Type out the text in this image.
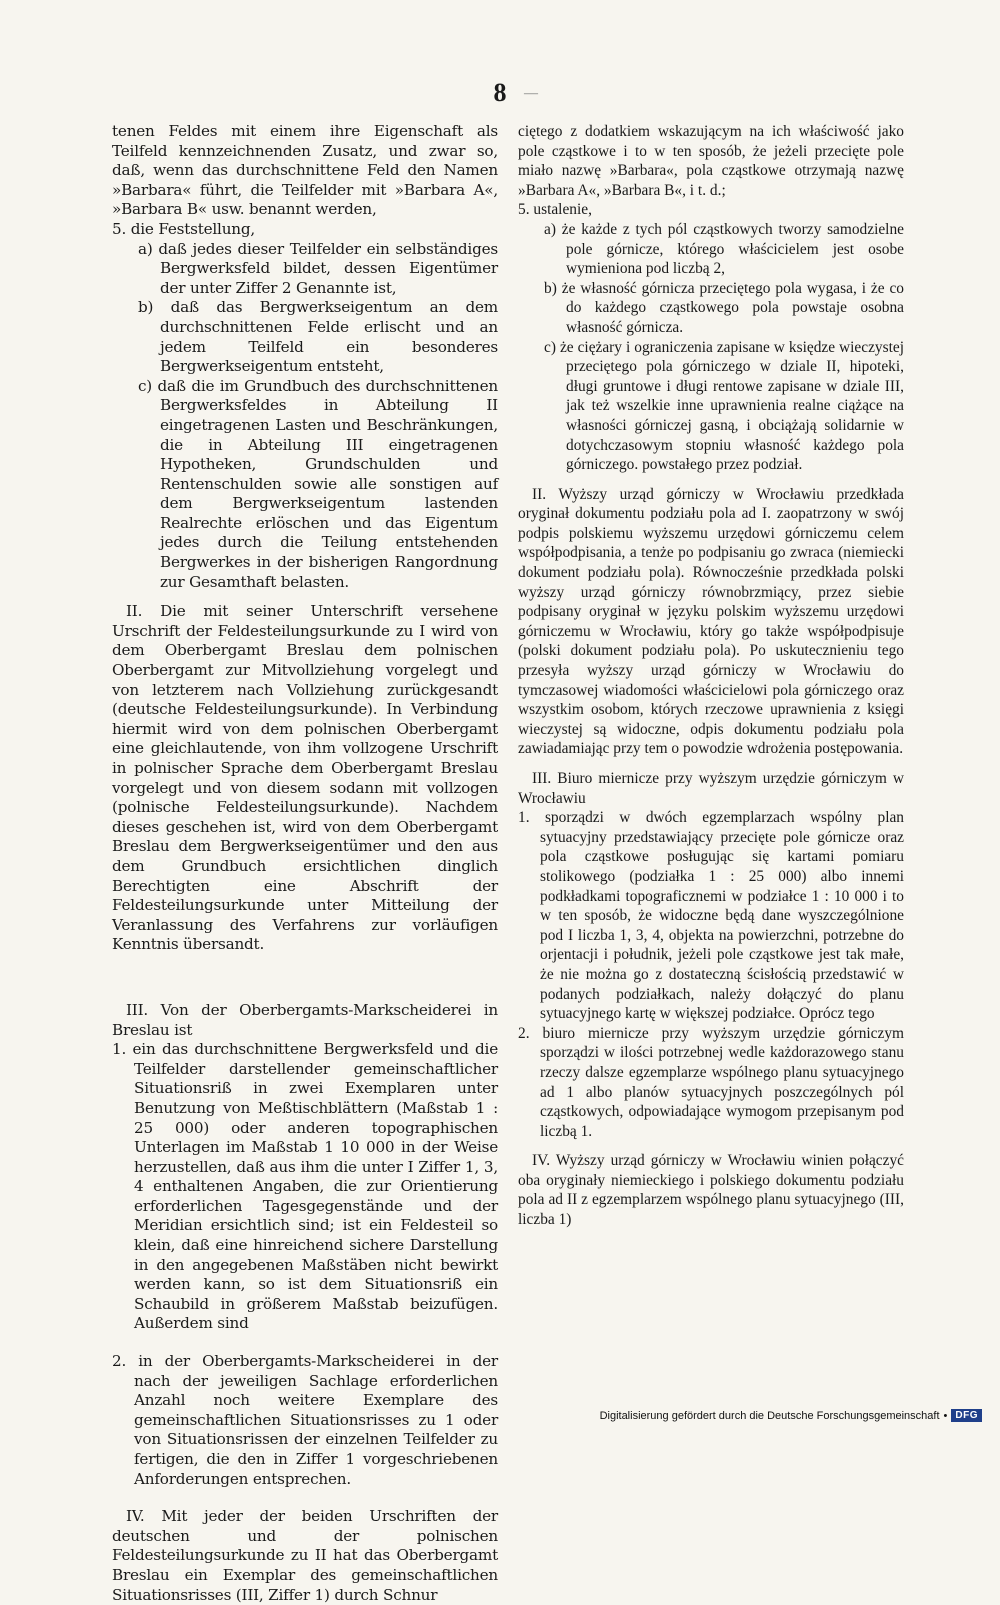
8	—

tenen Feldes mit einem ihre Eigenschaft als Teilfeld kennzeichnenden Zusatz, und zwar so, daß, wenn das durchschnittene Feld den Namen »Barbara« führt, die Teilfelder mit »Barbara A«, »Barbara B« usw. benannt werden,

5. die Feststellung,

a) daß jedes dieser Teilfelder ein selbständiges Bergwerksfeld bildet, dessen Eigentümer der unter Ziffer 2 Genannte ist,

b) daß das Bergwerkseigentum an dem durchschnittenen Felde erlischt und an jedem Teilfeld ein besonderes Bergwerkseigentum entsteht,

c) daß die im Grundbuch des durchschnittenen Bergwerksfeldes in Abteilung II eingetragenen Lasten und Beschränkungen, die in Abteilung III eingetragenen Hypotheken, Grundschulden und Rentenschulden sowie alle sonstigen auf dem Bergwerkseigentum lastenden Realrechte erlöschen und das Eigentum jedes durch die Teilung entstehenden Bergwerkes in der bisherigen Rangordnung zur Gesamthaft belasten.

II. Die mit seiner Unterschrift versehene Urschrift der Feldesteilungsurkunde zu I wird von dem Oberbergamt Breslau dem polnischen Oberbergamt zur Mitvollziehung vorgelegt und von letzterem nach Vollziehung zurückgesandt (deutsche Feldesteilungsurkunde). In Verbindung hiermit wird von dem polnischen Oberbergamt eine gleichlautende, von ihm vollzogene Urschrift in polnischer Sprache dem Oberbergamt Breslau vorgelegt und von diesem sodann mit vollzogen (polnische Feldesteilungsurkunde). Nachdem dieses geschehen ist, wird von dem Oberbergamt Breslau dem Bergwerkseigentümer und den aus dem Grundbuch ersichtlichen dinglich Berechtigten eine Abschrift der Feldesteilungsurkunde unter Mitteilung der Veranlassung des Verfahrens zur vorläufigen Kenntnis übersandt.

III. Von der Oberbergamts-Markscheiderei in Breslau ist

1. ein das durchschnittene Bergwerksfeld und die Teilfelder darstellender gemeinschaftlicher Situationsriß in zwei Exemplaren unter Benutzung von Meßtischblättern (Maßstab 1 : 25 000) oder anderen topographischen Unterlagen im Maßstab 1 10 000 in der Weise herzustellen, daß aus ihm die unter I Ziffer 1, 3, 4 enthaltenen Angaben, die zur Orientierung erforderlichen Tagesgegenstände und der Meridian ersichtlich sind; ist ein Feldesteil so klein, daß eine hinreichend sichere Darstellung in den angegebenen Maßstäben nicht bewirkt werden kann, so ist dem Situationsriß ein Schaubild in größerem Maßstab beizufügen. Außerdem sind

2. in der Oberbergamts-Markscheiderei in der nach der jeweiligen Sachlage erforderlichen Anzahl noch weitere Exemplare des gemeinschaftlichen Situationsrisses zu 1 oder von Situationsrissen der einzelnen Teilfelder zu fertigen, die den in Ziffer 1 vorgeschriebenen Anforderungen entsprechen.

IV. Mit jeder der beiden Urschriften der deutschen und der polnischen Feldesteilungsurkunde zu II hat das Oberbergamt Breslau ein Exemplar des gemeinschaftlichen Situationsrisses (III, Ziffer 1) durch Schnur

ciętego z dodatkiem wskazującym na ich właściwość jako pole cząstkowe i to w ten sposób, że jeżeli przecięte pole miało nazwę »Barbara«, pola cząstkowe otrzymają nazwę »Barbara A«, »Barbara B«, i t. d.;

5. ustalenie,

a) że każde z tych pól cząstkowych tworzy samodzielne pole górnicze, którego właścicielem jest osobe wymieniona pod liczbą 2,

b) że własność górnicza przeciętego pola wygasa, i że co do każdego cząstkowego pola powstaje osobna własność górnicza.

c) że ciężary i ograniczenia zapisane w księdze wieczystej przeciętego pola górniczego w dziale II, hipoteki, długi gruntowe i długi rentowe zapisane w dziale III, jak też wszelkie inne uprawnienia realne ciążące na własności górniczej gasną, i obciążają solidarnie w dotychczasowym stopniu własność każdego pola górniczego. powstałego przez podział.

II. Wyższy urząd górniczy w Wrocławiu przedkłada oryginał dokumentu podziału pola ad I. zaopatrzony w swój podpis polskiemu wyższemu urzędowi górniczemu celem współpodpisania, a tenże po podpisaniu go zwraca (niemiecki dokument podziału pola). Równocześnie przedkłada polski wyższy urząd górniczy równobrzmiący, przez siebie podpisany oryginał w języku polskim wyższemu urzędowi górniczemu w Wrocławiu, który go także współpodpisuje (polski dokument podziału pola). Po uskutecznieniu tego przesyła wyższy urząd górniczy w Wrocławiu do tymczasowej wiadomości właścicielowi pola górniczego oraz wszystkim osobom, których rzeczowe uprawnienia z księgi wieczystej są widoczne, odpis dokumentu podziału pola zawiadamiając przy tem o powodzie wdrożenia postępowania.

III. Biuro miernicze przy wyższym urzędzie górniczym w Wrocławiu

1. sporządzi w dwóch egzemplarzach wspólny plan sytuacyjny przedstawiający przecięte pole górnicze oraz pola cząstkowe posługując się kartami pomiaru stolikowego (podziałka 1 : 25 000) albo innemi podkładkami topograficznemi w podziałce 1 : 10 000 i to w ten sposób, że widoczne będą dane wyszczególnione pod I liczba 1, 3, 4, objekta na powierzchni, potrzebne do orjentacji i południk, jeżeli pole cząstkowe jest tak małe, że nie można go z dostateczną ścisłością przedstawić w podanych podziałkach, należy dołączyć do planu sytuacyjnego kartę w większej podziałce. Oprócz tego

2. biuro miernicze przy wyższym urzędzie górniczym sporządzi w ilości potrzebnej wedle każdorazowego stanu rzeczy dalsze egzemplarze wspólnego planu sytuacyjnego ad 1 albo planów sytuacyjnych poszczególnych pól cząstkowych, odpowiadające wymogom przepisanym pod liczbą 1.

IV. Wyższy urząd górniczy w Wrocławiu winien połączyć oba oryginały niemieckiego i polskiego dokumentu podziału pola ad II z egzemplarzem wspólnego planu sytuacyjnego (III, liczba 1)

Digitalisierung gefördert durch die Deutsche Forschungsgemeinschaft • DFG
